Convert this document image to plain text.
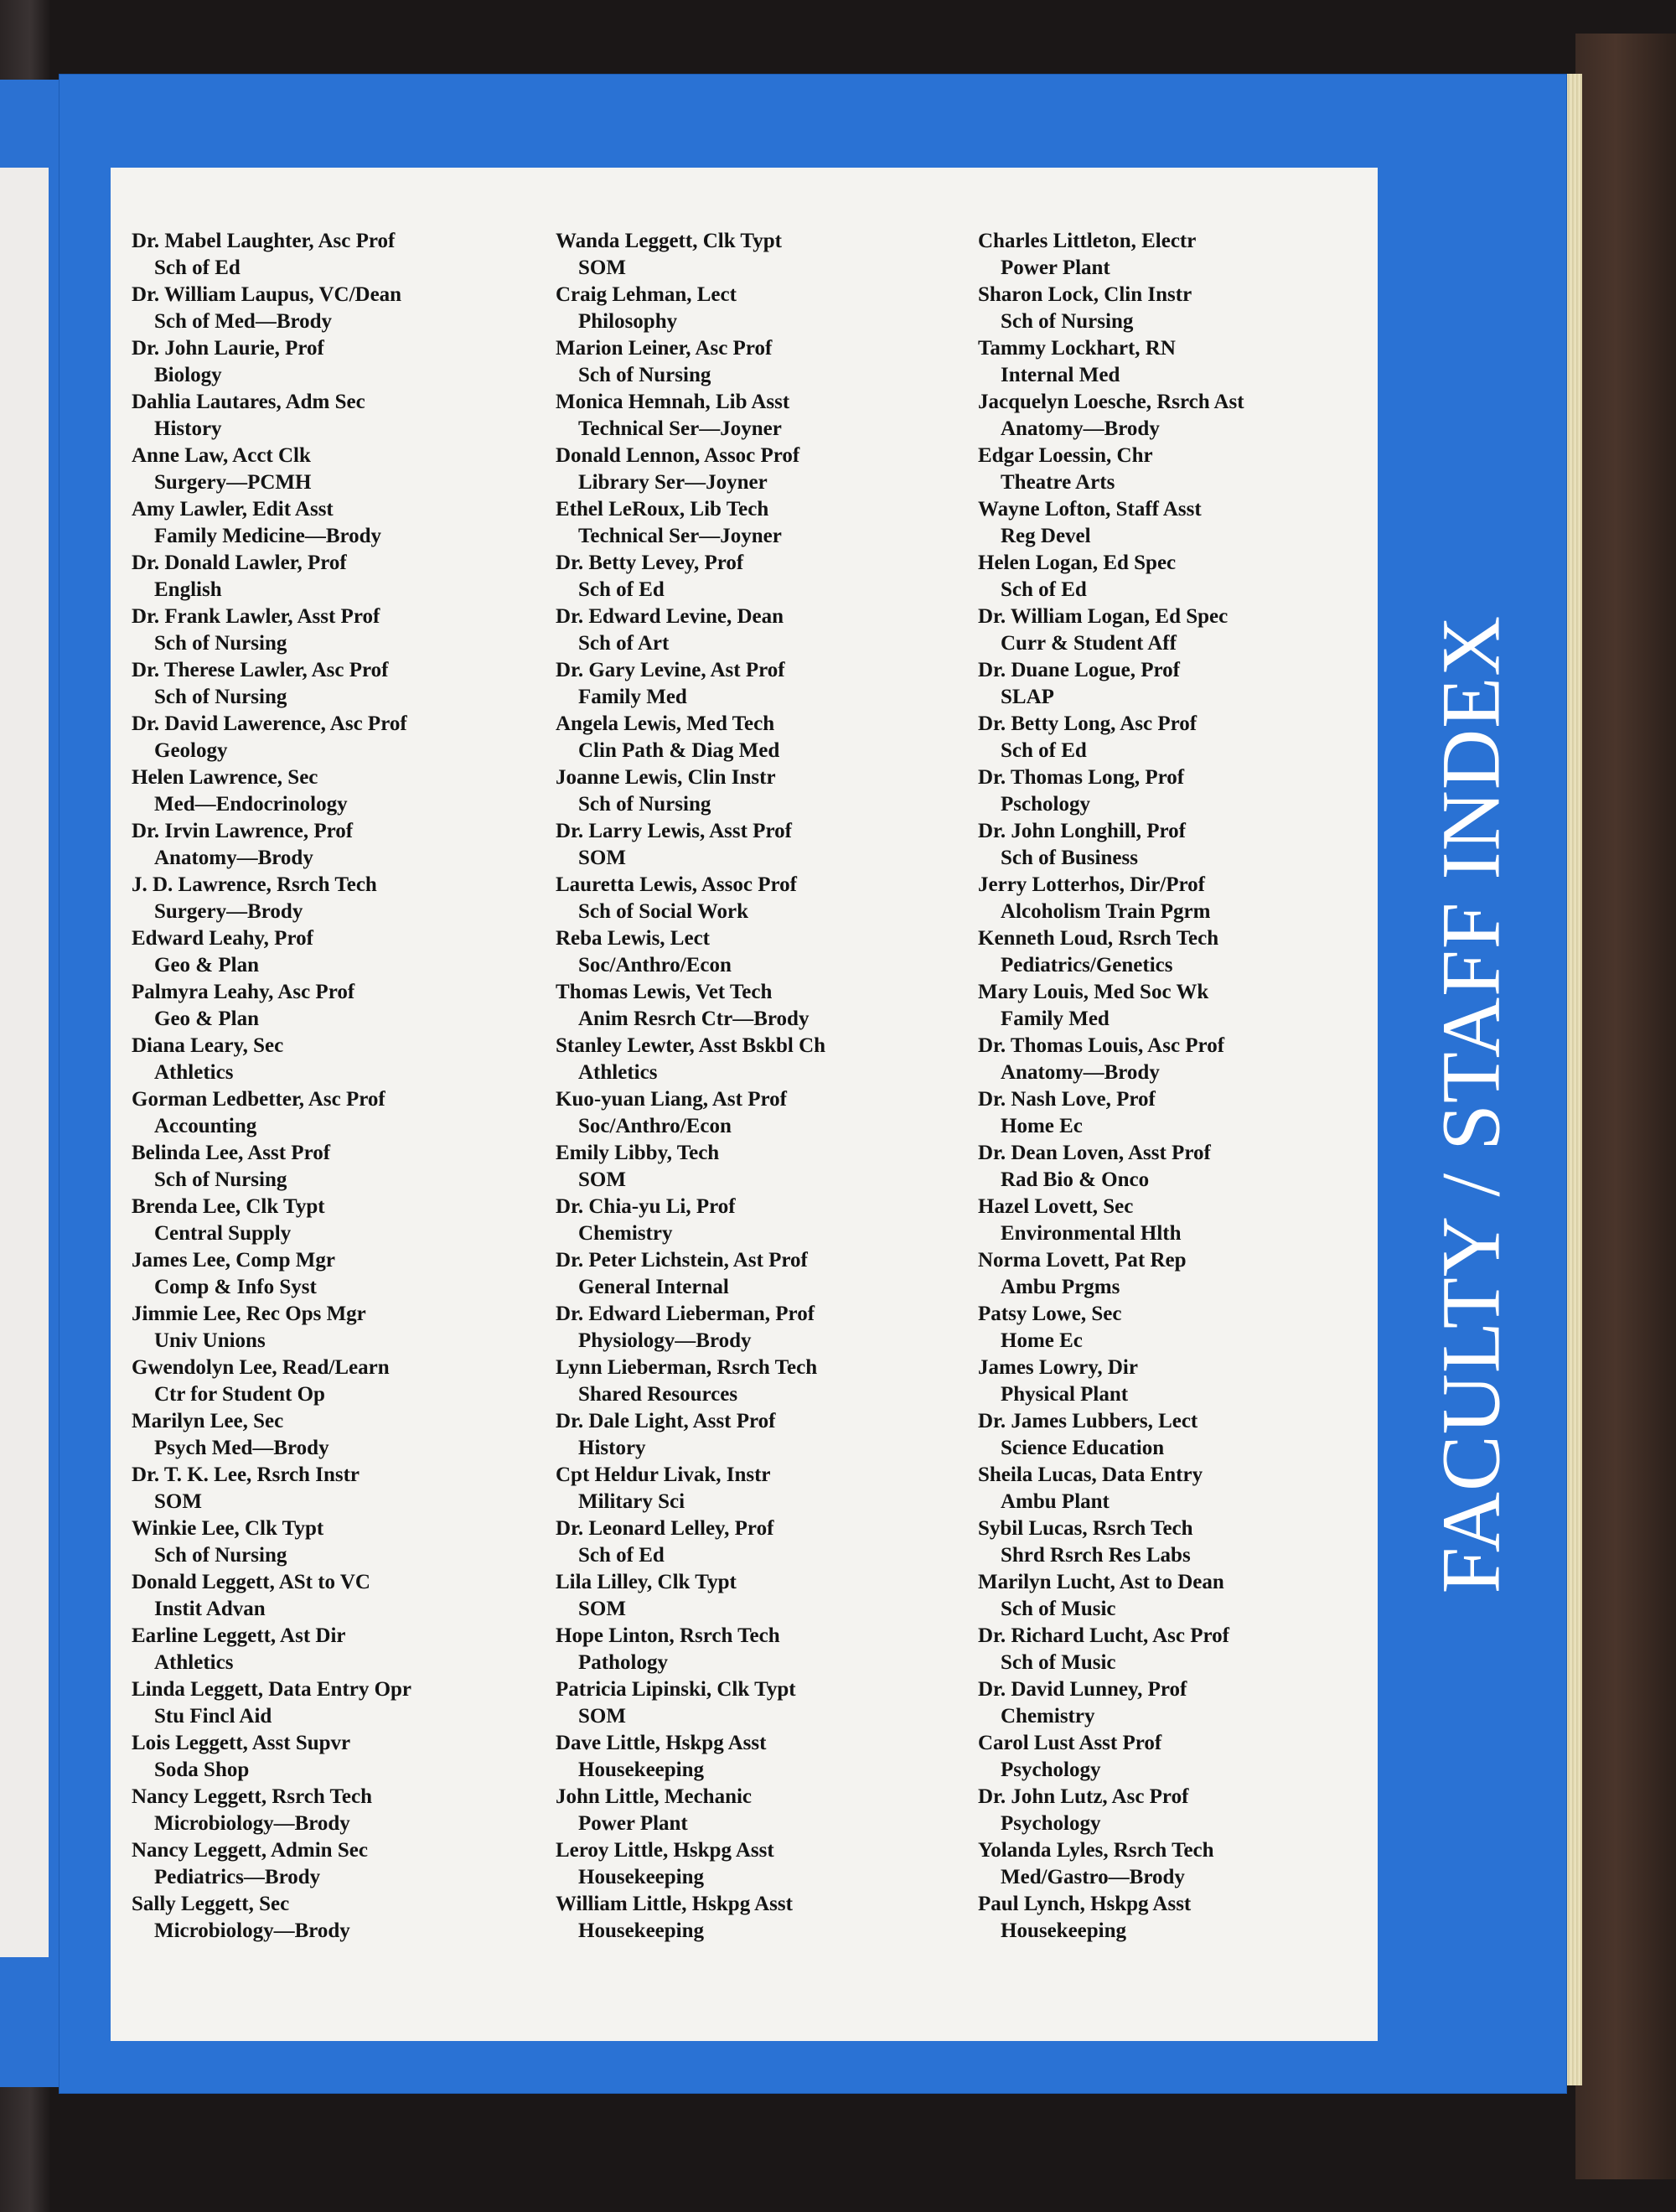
Dr. Mabel Laughter, Asc Prof
Sch of Ed
Dr. William Laupus, VC/Dean
Sch of Med—Brody
Dr. John Laurie, Prof
Biology
Dahlia Lautares, Adm Sec
History
Anne Law, Acct Clk
Surgery—PCMH
Amy Lawler, Edit Asst
Family Medicine—Brody
Dr. Donald Lawler, Prof
English
Dr. Frank Lawler, Asst Prof
Sch of Nursing
Dr. Therese Lawler, Asc Prof
Sch of Nursing
Dr. David Lawerence, Asc Prof
Geology
Helen Lawrence, Sec
Med—Endocrinology
Dr. Irvin Lawrence, Prof
Anatomy—Brody
J. D. Lawrence, Rsrch Tech
Surgery—Brody
Edward Leahy, Prof
Geo & Plan
Palmyra Leahy, Asc Prof
Geo & Plan
Diana Leary, Sec
Athletics
Gorman Ledbetter, Asc Prof
Accounting
Belinda Lee, Asst Prof
Sch of Nursing
Brenda Lee, Clk Typt
Central Supply
James Lee, Comp Mgr
Comp & Info Syst
Jimmie Lee, Rec Ops Mgr
Univ Unions
Gwendolyn Lee, Read/Learn
Ctr for Student Op
Marilyn Lee, Sec
Psych Med—Brody
Dr. T. K. Lee, Rsrch Instr
SOM
Winkie Lee, Clk Typt
Sch of Nursing
Donald Leggett, ASt to VC
Instit Advan
Earline Leggett, Ast Dir
Athletics
Linda Leggett, Data Entry Opr
Stu Fincl Aid
Lois Leggett, Asst Supvr
Soda Shop
Nancy Leggett, Rsrch Tech
Microbiology—Brody
Nancy Leggett, Admin Sec
Pediatrics—Brody
Sally Leggett, Sec
Microbiology—Brody
Wanda Leggett, Clk Typt
SOM
Craig Lehman, Lect
Philosophy
Marion Leiner, Asc Prof
Sch of Nursing
Monica Hemnah, Lib Asst
Technical Ser—Joyner
Donald Lennon, Assoc Prof
Library Ser—Joyner
Ethel LeRoux, Lib Tech
Technical Ser—Joyner
Dr. Betty Levey, Prof
Sch of Ed
Dr. Edward Levine, Dean
Sch of Art
Dr. Gary Levine, Ast Prof
Family Med
Angela Lewis, Med Tech
Clin Path & Diag Med
Joanne Lewis, Clin Instr
Sch of Nursing
Dr. Larry Lewis, Asst Prof
SOM
Lauretta Lewis, Assoc Prof
Sch of Social Work
Reba Lewis, Lect
Soc/Anthro/Econ
Thomas Lewis, Vet Tech
Anim Resrch Ctr—Brody
Stanley Lewter, Asst Bskbl Ch
Athletics
Kuo-yuan Liang, Ast Prof
Soc/Anthro/Econ
Emily Libby, Tech
SOM
Dr. Chia-yu Li, Prof
Chemistry
Dr. Peter Lichstein, Ast Prof
General Internal
Dr. Edward Lieberman, Prof
Physiology—Brody
Lynn Lieberman, Rsrch Tech
Shared Resources
Dr. Dale Light, Asst Prof
History
Cpt Heldur Livak, Instr
Military Sci
Dr. Leonard Lelley, Prof
Sch of Ed
Lila Lilley, Clk Typt
SOM
Hope Linton, Rsrch Tech
Pathology
Patricia Lipinski, Clk Typt
SOM
Dave Little, Hskpg Asst
Housekeeping
John Little, Mechanic
Power Plant
Leroy Little, Hskpg Asst
Housekeeping
William Little, Hskpg Asst
Housekeeping
Charles Littleton, Electr
Power Plant
Sharon Lock, Clin Instr
Sch of Nursing
Tammy Lockhart, RN
Internal Med
Jacquelyn Loesche, Rsrch Ast
Anatomy—Brody
Edgar Loessin, Chr
Theatre Arts
Wayne Lofton, Staff Asst
Reg Devel
Helen Logan, Ed Spec
Sch of Ed
Dr. William Logan, Ed Spec
Curr & Student Aff
Dr. Duane Logue, Prof
SLAP
Dr. Betty Long, Asc Prof
Sch of Ed
Dr. Thomas Long, Prof
Pschology
Dr. John Longhill, Prof
Sch of Business
Jerry Lotterhos, Dir/Prof
Alcoholism Train Pgrm
Kenneth Loud, Rsrch Tech
Pediatrics/Genetics
Mary Louis, Med Soc Wk
Family Med
Dr. Thomas Louis, Asc Prof
Anatomy—Brody
Dr. Nash Love, Prof
Home Ec
Dr. Dean Loven, Asst Prof
Rad Bio & Onco
Hazel Lovett, Sec
Environmental Hlth
Norma Lovett, Pat Rep
Ambu Prgms
Patsy Lowe, Sec
Home Ec
James Lowry, Dir
Physical Plant
Dr. James Lubbers, Lect
Science Education
Sheila Lucas, Data Entry
Ambu Plant
Sybil Lucas, Rsrch Tech
Shrd Rsrch Res Labs
Marilyn Lucht, Ast to Dean
Sch of Music
Dr. Richard Lucht, Asc Prof
Sch of Music
Dr. David Lunney, Prof
Chemistry
Carol Lust Asst Prof
Psychology
Dr. John Lutz, Asc Prof
Psychology
Yolanda Lyles, Rsrch Tech
Med/Gastro—Brody
Paul Lynch, Hskpg Asst
Housekeeping
FACULTY / STAFF INDEX
